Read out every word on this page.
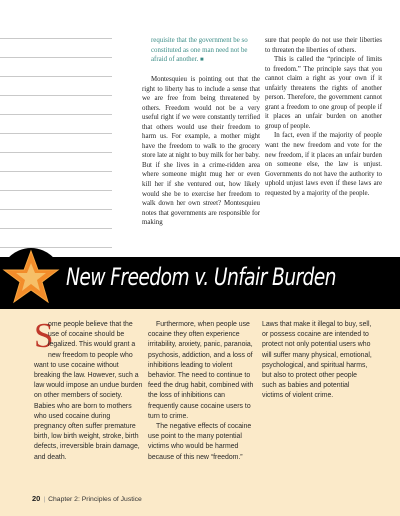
requisite that the government be so constituted as one man need not be afraid of another. ■

Montesquieu is pointing out that the right to liberty has to include a sense that we are free from being threatened by others. Freedom would not be a very useful right if we were constantly terrified that others would use their freedom to harm us. For example, a mother might have the freedom to walk to the grocery store late at night to buy milk for her baby. But if she lives in a crime-ridden area where someone might mug her or even kill her if she ventured out, how likely would she be to exercise her freedom to walk down her own street? Montesquieu notes that governments are responsible for making

sure that people do not use their liberties to threaten the liberties of others.

This is called the “principle of limits to freedom.” The principle says that you cannot claim a right as your own if it unfairly threatens the rights of another person. Therefore, the government cannot grant a freedom to one group of people if it places an unfair burden on another group of people.

In fact, even if the majority of people want the new freedom and vote for the new freedom, if it places an unfair burden on someone else, the law is unjust. Governments do not have the authority to uphold unjust laws even if these laws are requested by a majority of the people.

New Freedom v. Unfair Burden

S
ome people believe that the use of cocaine should be legalized. This would grant a new freedom to people who want to use cocaine without breaking the law. However, such a law would impose an undue burden on other members of society. Babies who are born to mothers who used cocaine during pregnancy often suffer premature birth, low birth weight, stroke, birth defects, irreversible brain damage, and death.

Furthermore, when people use cocaine they often experience irritability, anxiety, panic, paranoia, psychosis, addiction, and a loss of inhibitions leading to violent behavior. The need to continue to feed the drug habit, combined with the loss of inhibitions can frequently cause cocaine users to turn to crime.

The negative effects of cocaine use point to the many potential victims who would be harmed because of this new “freedom.”

Laws that make it illegal to buy, sell, or possess cocaine are intended to protect not only potential users who will suffer many physical, emotional, psychological, and spiritual harms, but also to protect other people such as babies and potential victims of violent crime.

20 | Chapter 2: Principles of Justice
